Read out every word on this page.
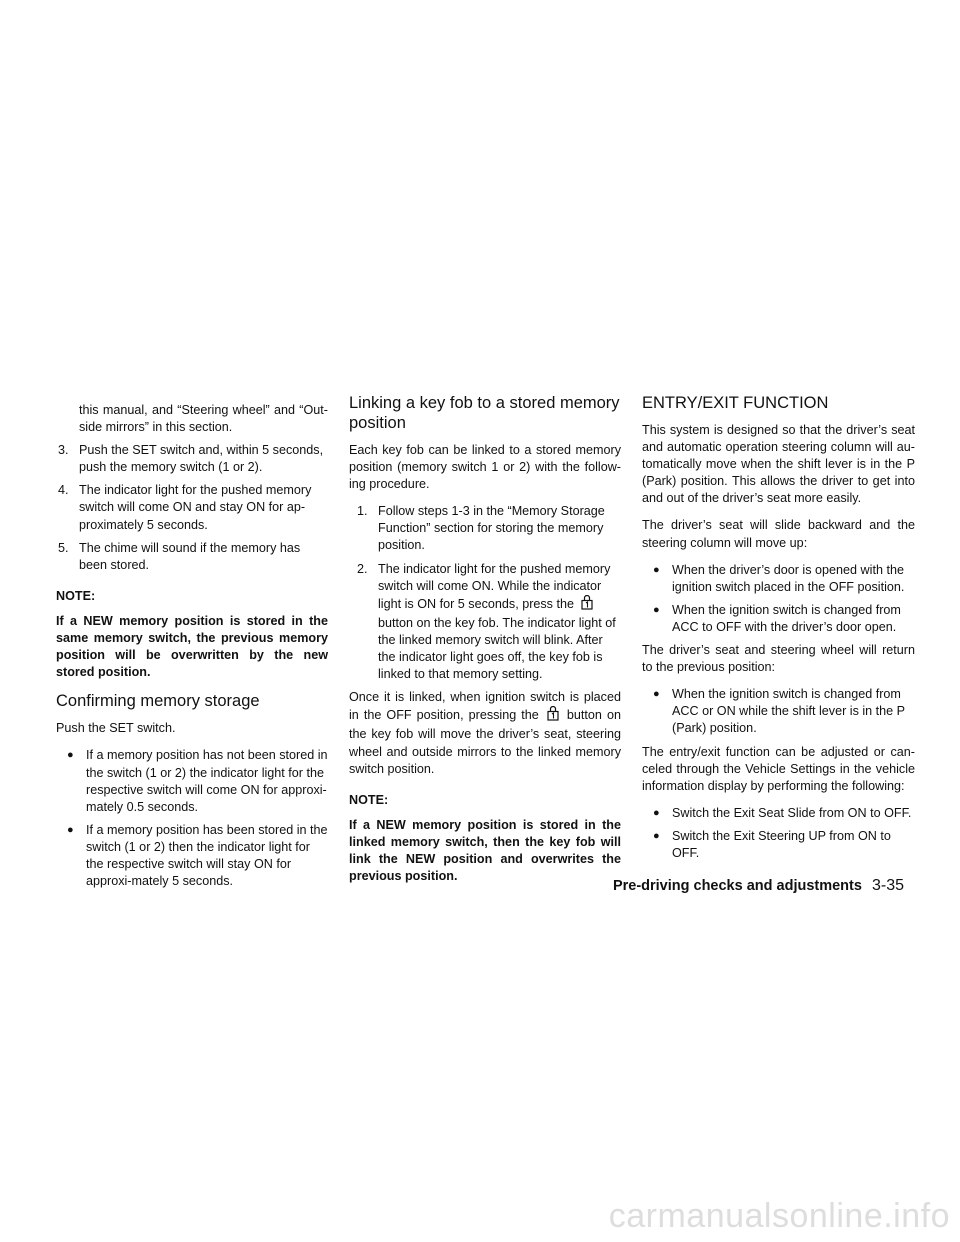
this manual, and “Steering wheel” and “Out-side mirrors” in this section.

3. Push the SET switch and, within 5 seconds, push the memory switch (1 or 2).
4. The indicator light for the pushed memory switch will come ON and stay ON for ap-proximately 5 seconds.
5. The chime will sound if the memory has been stored.
NOTE:
If a NEW memory position is stored in the same memory switch, the previous memory position will be overwritten by the new stored position.
Confirming memory storage

Push the SET switch.

● If a memory position has not been stored in the switch (1 or 2) the indicator light for the respective switch will come ON for approxi-mately 0.5 seconds.
● If a memory position has been stored in the switch (1 or 2) then the indicator light for the respective switch will stay ON for approxi-mately 5 seconds.
Linking a key fob to a stored memory position

Each key fob can be linked to a stored memory position (memory switch 1 or 2) with the follow-ing procedure.

1. Follow steps 1-3 in the “Memory Storage Function” section for storing the memory position.
2. The indicator light for the pushed memory switch will come ON. While the indicator light is ON for 5 seconds, press the  button on the key fob. The indicator light of the linked memory switch will blink. After the indicator light goes off, the key fob is linked to that memory setting.

Once it is linked, when ignition switch is placed in the OFF position, pressing the button on the key fob will move the driver’s seat, steering wheel and outside mirrors to the linked memory switch position.

NOTE:
If a NEW memory position is stored in the linked memory switch, then the key fob will link the NEW position and overwrites the previous position.
ENTRY/EXIT FUNCTION

This system is designed so that the driver’s seat and automatic operation steering column will au-tomatically move when the shift lever is in the P (Park) position. This allows the driver to get into and out of the driver’s seat more easily.

The driver’s seat will slide backward and the steering column will move up:

● When the driver’s door is opened with the ignition switch placed in the OFF position.
● When the ignition switch is changed from ACC to OFF with the driver’s door open.

The driver’s seat and steering wheel will return to the previous position:

● When the ignition switch is changed from ACC or ON while the shift lever is in the P (Park) position.

The entry/exit function can be adjusted or can-celed through the Vehicle Settings in the vehicle information display by performing the following:

● Switch the Exit Seat Slide from ON to OFF.
● Switch the Exit Steering UP from ON to OFF.
Pre-driving checks and adjustments 3-35
carmanualsonline.info
